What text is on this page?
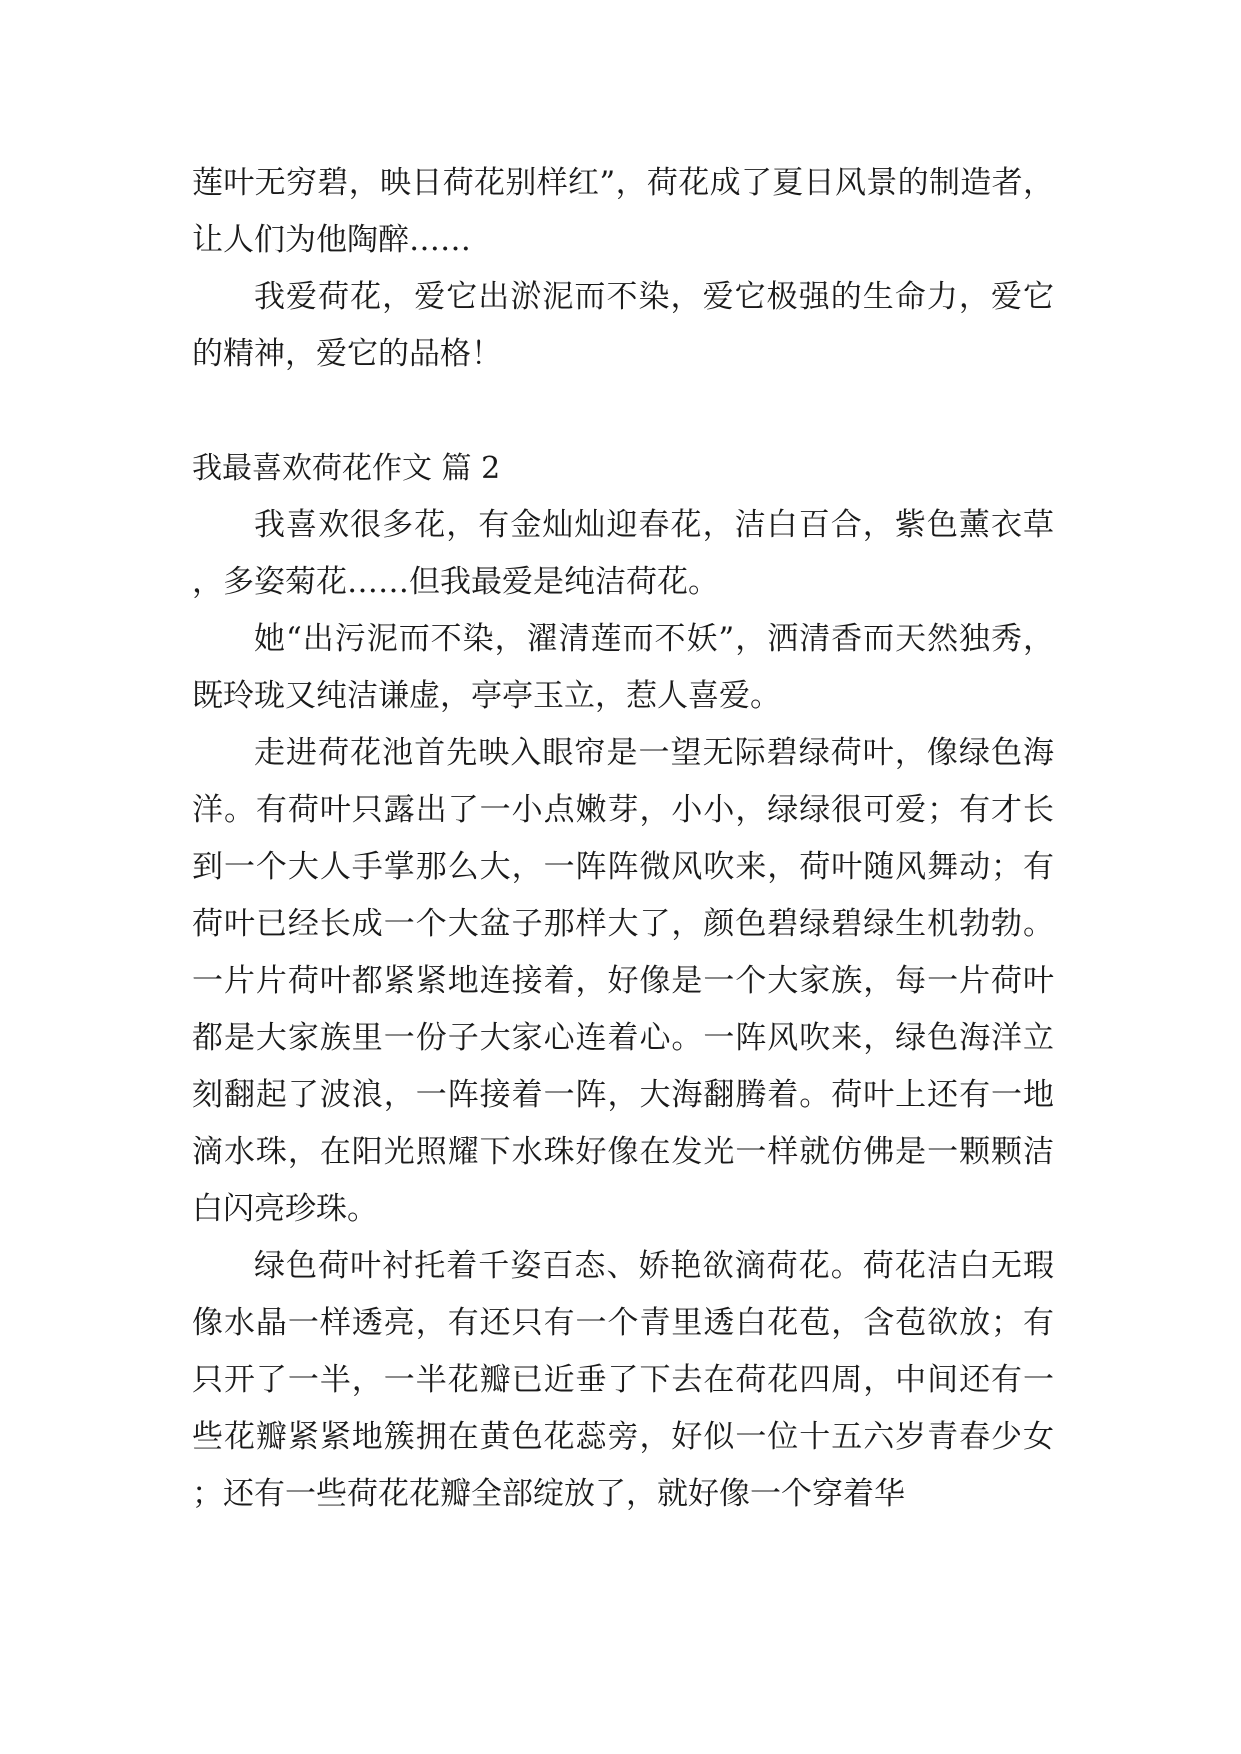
莲叶无穷碧，映日荷花别样红”，荷花成了夏日风景的制造者，让人们为他陶醉……

我爱荷花，爱它出淤泥而不染，爱它极强的生命力，爱它的精神，爱它的品格！

我最喜欢荷花作文 篇 2

我喜欢很多花，有金灿灿迎春花，洁白百合，紫色薰衣草，多姿菊花……但我最爱是纯洁荷花。

她“出污泥而不染，濯清莲而不妖”，洒清香而天然独秀，既玲珑又纯洁谦虚，亭亭玉立，惹人喜爱。

走进荷花池首先映入眼帘是一望无际碧绿荷叶，像绿色海洋。有荷叶只露出了一小点嫩芽，小小，绿绿很可爱；有才长到一个大人手掌那么大，一阵阵微风吹来，荷叶随风舞动；有荷叶已经长成一个大盆子那样大了，颜色碧绿碧绿生机勃勃。一片片荷叶都紧紧地连接着，好像是一个大家族，每一片荷叶都是大家族里一份子大家心连着心。一阵风吹来，绿色海洋立刻翻起了波浪，一阵接着一阵，大海翻腾着。荷叶上还有一地滴水珠，在阳光照耀下水珠好像在发光一样就仿佛是一颗颗洁白闪亮珍珠。

绿色荷叶衬托着千姿百态、娇艳欲滴荷花。荷花洁白无瑕像水晶一样透亮，有还只有一个青里透白花苞，含苞欲放；有只开了一半，一半花瓣已近垂了下去在荷花四周，中间还有一些花瓣紧紧地簇拥在黄色花蕊旁，好似一位十五六岁青春少女；还有一些荷花花瓣全部绽放了，就好像一个穿着华
